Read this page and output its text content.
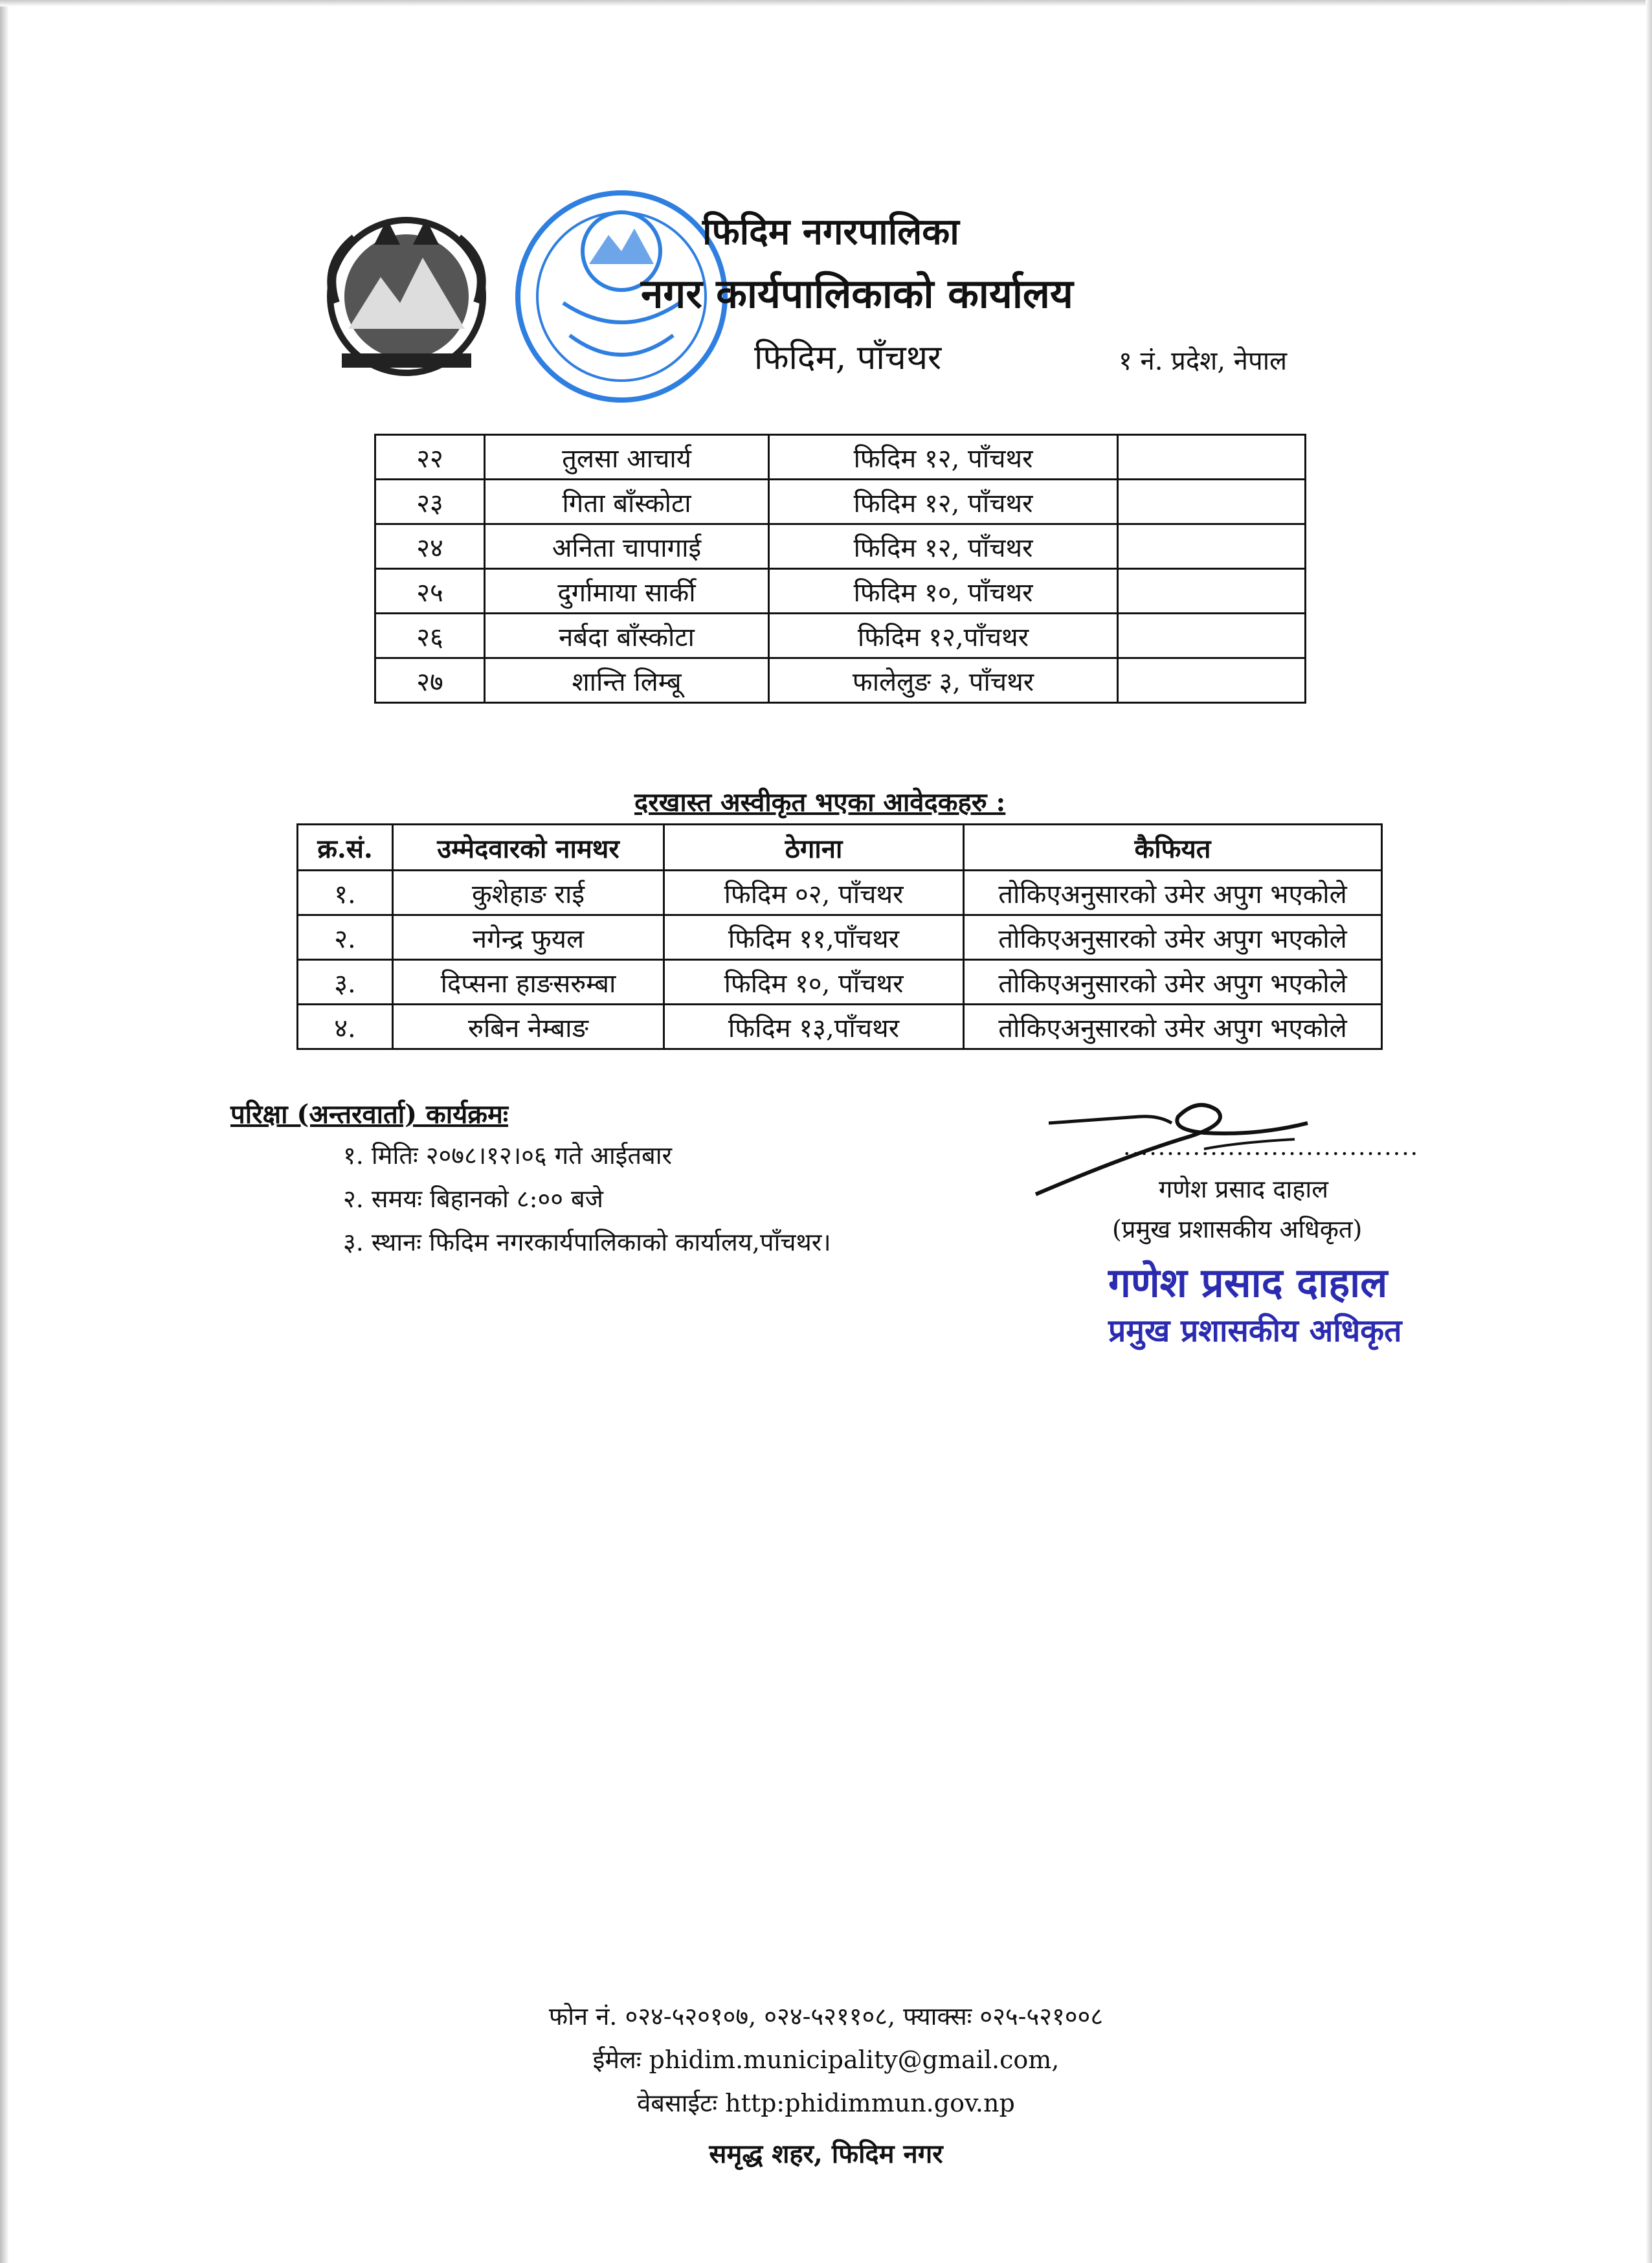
फिदिम नगरपालिका
नगर कार्यपालिकाको कार्यालय
फिदिम, पाँचथर	१ नं. प्रदेश, नेपाल
२२	तुलसा आचार्य	फिदिम १२, पाँचथर	
२३	गिता बाँस्कोटा	फिदिम १२, पाँचथर	
२४	अनिता चापागाई	फिदिम १२, पाँचथर	
२५	दुर्गामाया सार्की	फिदिम १०, पाँचथर	
२६	नर्बदा बाँस्कोटा	फिदिम १२,पाँचथर	
२७	शान्ति लिम्बू	फालेलुङ ३, पाँचथर	
दरखास्त अस्वीकृत भएका आवेदकहरु :
क्र.सं.	उम्मेदवारको नामथर	ठेगाना	कैफियत
१.	कुशेहाङ राई	फिदिम ०२, पाँचथर	तोकिएअनुसारको उमेर अपुग भएकोले
२.	नगेन्द्र फुयल	फिदिम ११,पाँचथर	तोकिएअनुसारको उमेर अपुग भएकोले
३.	दिप्सना हाङसरुम्बा	फिदिम १०, पाँचथर	तोकिएअनुसारको उमेर अपुग भएकोले
४.	रुबिन नेम्बाङ	फिदिम १३,पाँचथर	तोकिएअनुसारको उमेर अपुग भएकोले
परिक्षा (अन्तरवार्ता) कार्यक्रमः
१. मितिः २०७८।१२।०६ गते आईतबार
२. समयः बिहानको ८:०० बजे
३. स्थानः फिदिम नगरकार्यपालिकाको कार्यालय,पाँचथर।
..................................
गणेश प्रसाद दाहाल
(प्रमुख प्रशासकीय अधिकृत)
गणेश प्रसाद दाहाल
प्रमुख प्रशासकीय अधिकृत
फोन नं. ०२४-५२०१०७, ०२४-५२११०८, फ्याक्सः ०२५-५२१००८
ईमेलः phidim.municipality@gmail.com,
वेबसाईटः http:phidimmun.gov.np
समृद्ध शहर, फिदिम नगर
